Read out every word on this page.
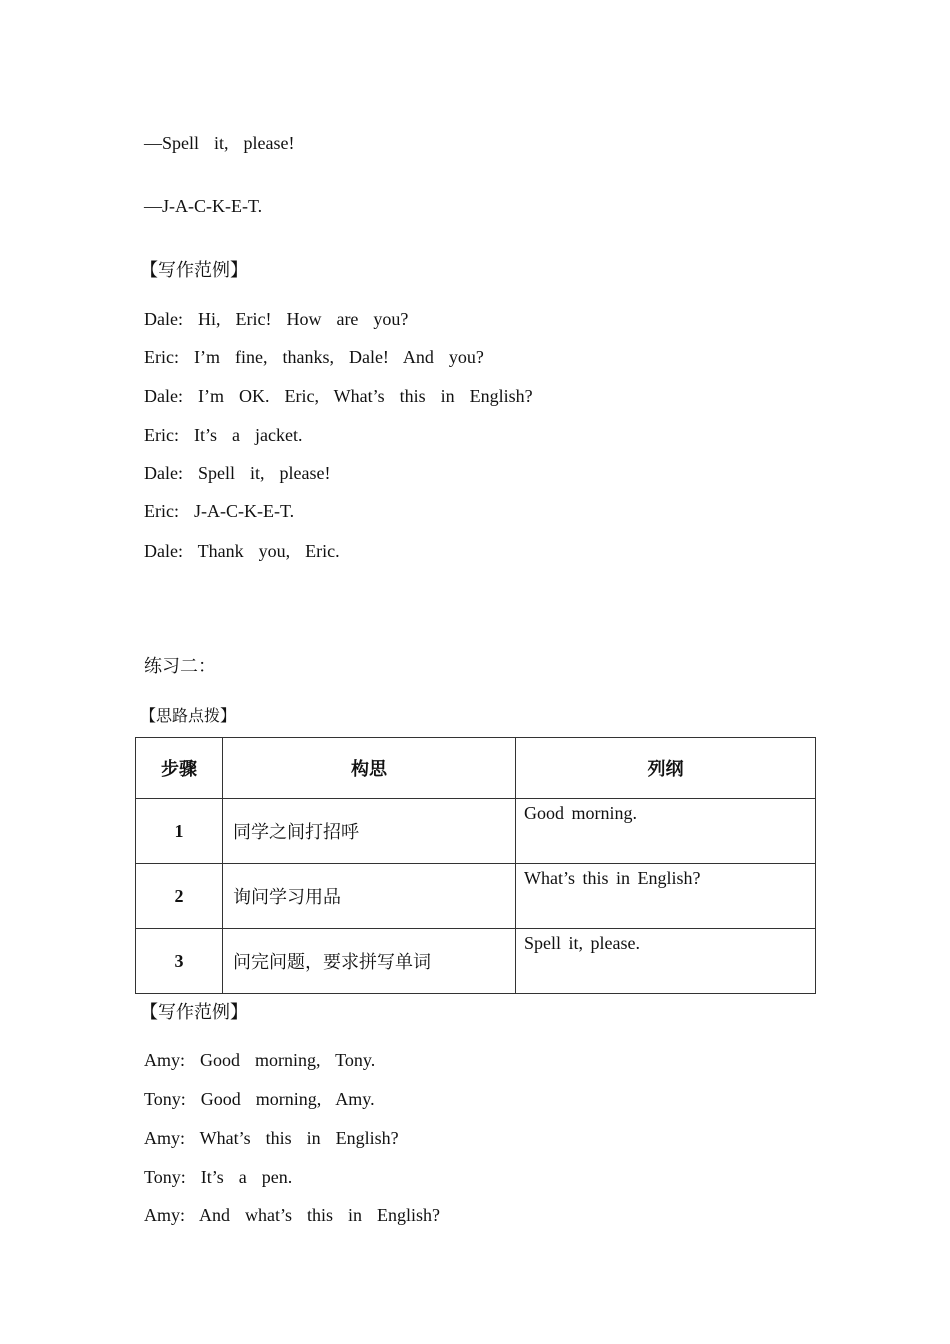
—Spell  it,  please!
—J-A-C-K-E-T.
【写作范例】
Dale:  Hi,  Eric!  How  are  you?
Eric:  I’m  fine,  thanks,  Dale!  And  you?
Dale:  I’m  OK.  Eric,  What’s  this  in  English?
Eric:  It’s  a  jacket.
Dale:  Spell  it,  please!
Eric:  J-A-C-K-E-T.
Dale:  Thank  you,  Eric.
练习二：
【思路点拨】
步骤	构思	列纲
1	同学之间打招呼	Good morning.
2	询问学习用品	What’s this in English?
3	问完问题，要求拼写单词	Spell it, please.
【写作范例】
Amy:  Good  morning,  Tony.
Tony:  Good  morning,  Amy.
Amy:  What’s  this  in  English?
Tony:  It’s  a  pen.
Amy:  And  what’s  this  in  English?
